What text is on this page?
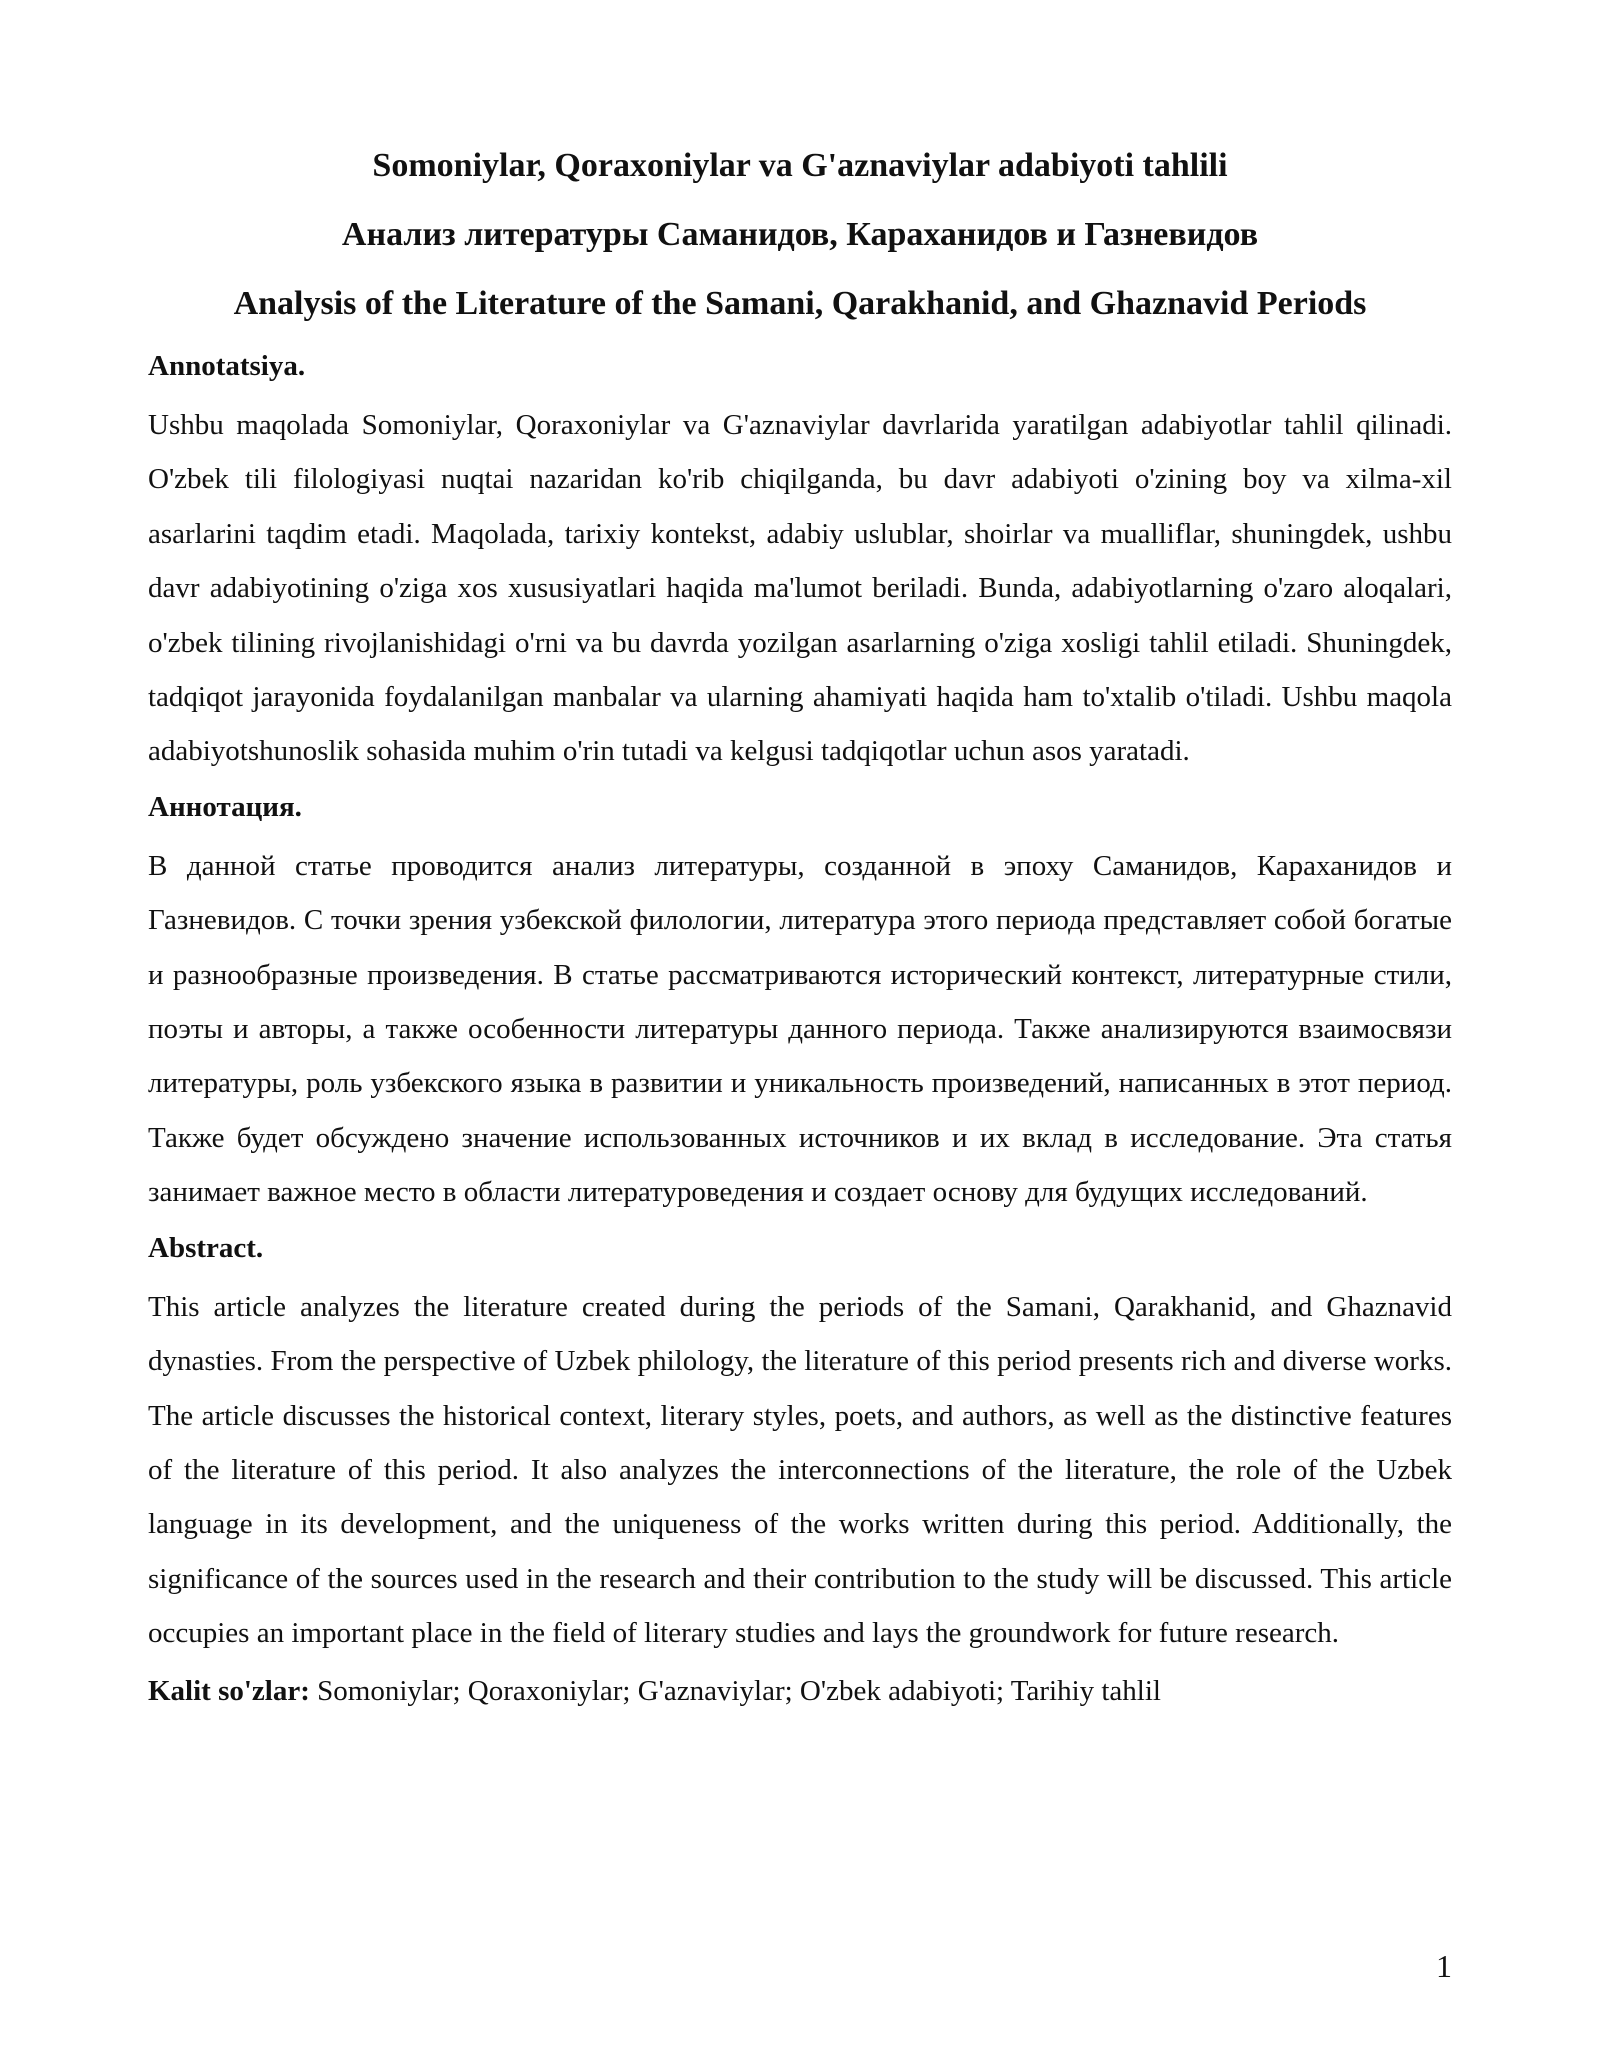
Somoniylar, Qoraxoniylar va G'aznaviylar adabiyoti tahlili
Анализ литературы Саманидов, Караханидов и Газневидов
Analysis of the Literature of the Samani, Qarakhanid, and Ghaznavid Periods
Annotatsiya.

Ushbu maqolada Somoniylar, Qoraxoniylar va G'aznaviylar davrlarida yaratilgan adabiyotlar tahlil qilinadi. O'zbek tili filologiyasi nuqtai nazaridan ko'rib chiqilganda, bu davr adabiyoti o'zining boy va xilma-xil asarlarini taqdim etadi. Maqolada, tarixiy kontekst, adabiy uslublar, shoirlar va mualliflar, shuningdek, ushbu davr adabiyotining o'ziga xos xususiyatlari haqida ma'lumot beriladi. Bunda, adabiyotlarning o'zaro aloqalari, o'zbek tilining rivojlanishidagi o'rni va bu davrda yozilgan asarlarning o'ziga xosligi tahlil etiladi. Shuningdek, tadqiqot jarayonida foydalanilgan manbalar va ularning ahamiyati haqida ham to'xtalib o'tiladi. Ushbu maqola adabiyotshunoslik sohasida muhim o'rin tutadi va kelgusi tadqiqotlar uchun asos yaratadi.

Аннотация.

В данной статье проводится анализ литературы, созданной в эпоху Саманидов, Караханидов и Газневидов. С точки зрения узбекской филологии, литература этого периода представляет собой богатые и разнообразные произведения. В статье рассматриваются исторический контекст, литературные стили, поэты и авторы, а также особенности литературы данного периода. Также анализируются взаимосвязи литературы, роль узбекского языка в развитии и уникальность произведений, написанных в этот период. Также будет обсуждено значение использованных источников и их вклад в исследование. Эта статья занимает важное место в области литературоведения и создает основу для будущих исследований.

Abstract.

This article analyzes the literature created during the periods of the Samani, Qarakhanid, and Ghaznavid dynasties. From the perspective of Uzbek philology, the literature of this period presents rich and diverse works. The article discusses the historical context, literary styles, poets, and authors, as well as the distinctive features of the literature of this period. It also analyzes the interconnections of the literature, the role of the Uzbek language in its development, and the uniqueness of the works written during this period. Additionally, the significance of the sources used in the research and their contribution to the study will be discussed. This article occupies an important place in the field of literary studies and lays the groundwork for future research.

Kalit so'zlar: Somoniylar; Qoraxoniylar; G'aznaviylar; O'zbek adabiyoti; Tarihiy tahlil

1
